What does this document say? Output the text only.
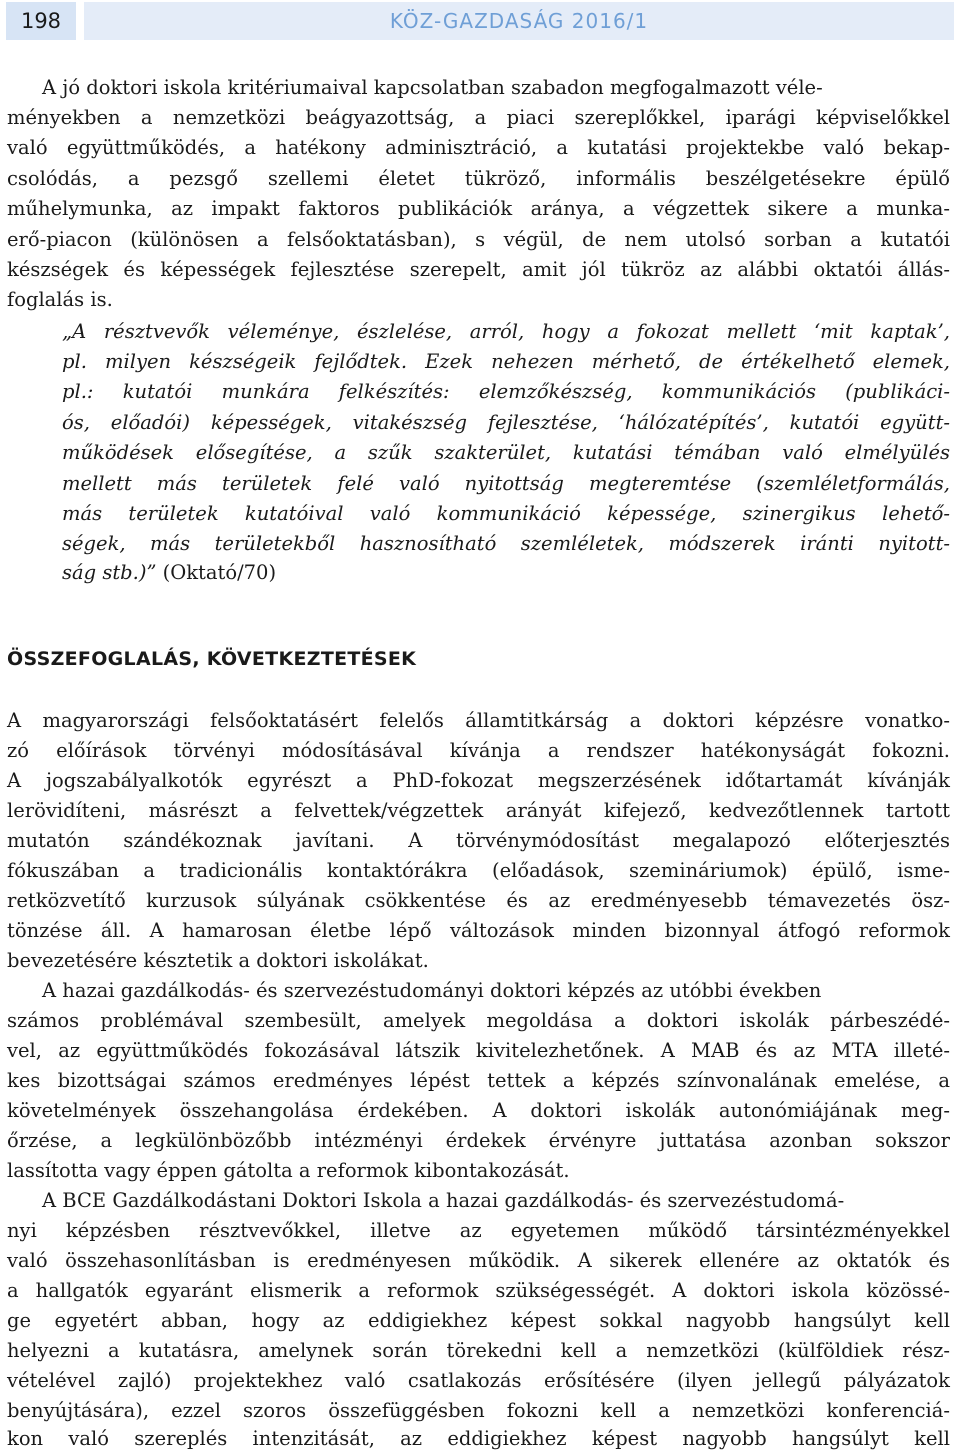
198	KÖZ-GAZDASÁG 2016/1
A jó doktori iskola kritériumaival kapcsolatban szabadon megfogalmazott véle-
ményekben a nemzetközi beágyazottság, a piaci szereplőkkel, iparági képviselőkkel
való együttműködés, a hatékony adminisztráció, a kutatási projektekbe való bekap-
csolódás, a pezsgő szellemi életet tükröző, informális beszélgetésekre épülő
műhelymunka, az impakt faktoros publikációk aránya, a végzettek sikere a munka-
erő-piacon (különösen a felsőoktatásban), s végül, de nem utolsó sorban a kutatói
készségek és képességek fejlesztése szerepelt, amit jól tükröz az alábbi oktatói állás-
foglalás is.
„A résztvevők véleménye, észlelése, arról, hogy a fokozat mellett ‘mit kaptak’,
pl. milyen készségeik fejlődtek. Ezek nehezen mérhető, de értékelhető elemek,
pl.: kutatói munkára felkészítés: elemzőkészség, kommunikációs (publikáci-
ós, előadói) képességek, vitakészség fejlesztése, ‘hálózatépítés’, kutatói együtt-
működések elősegítése, a szűk szakterület, kutatási témában való elmélyülés
mellett más területek felé való nyitottság megteremtése (szemléletformálás,
más területek kutatóival való kommunikáció képessége, szinergikus lehető-
ségek, más területekből hasznosítható szemléletek, módszerek iránti nyitott-
ság stb.)” (Oktató/70)
ÖSSZEFOGLALÁS, KÖVETKEZTETÉSEK
A magyarországi felsőoktatásért felelős államtitkárság a doktori képzésre vonatko-
zó előírások törvényi módosításával kívánja a rendszer hatékonyságát fokozni.
A jogszabályalkotók egyrészt a PhD-fokozat megszerzésének időtartamát kívánják
lerövidíteni, másrészt a felvettek/végzettek arányát kifejező, kedvezőtlennek tartott
mutatón szándékoznak javítani. A törvénymódosítást megalapozó előterjesztés
fókuszában a tradicionális kontaktórákra (előadások, szemináriumok) épülő, isme-
retközvetítő kurzusok súlyának csökkentése és az eredményesebb témavezetés ösz-
tönzése áll. A hamarosan életbe lépő változások minden bizonnyal átfogó reformok
bevezetésére késztetik a doktori iskolákat.
A hazai gazdálkodás- és szervezéstudományi doktori képzés az utóbbi években
számos problémával szembesült, amelyek megoldása a doktori iskolák párbeszédé-
vel, az együttműködés fokozásával látszik kivitelezhetőnek. A MAB és az MTA illeté-
kes bizottságai számos eredményes lépést tettek a képzés színvonalának emelése, a
követelmények összehangolása érdekében. A doktori iskolák autonómiájának meg-
őrzése, a legkülönbözőbb intézményi érdekek érvényre juttatása azonban sokszor
lassította vagy éppen gátolta a reformok kibontakozását.
A BCE Gazdálkodástani Doktori Iskola a hazai gazdálkodás- és szervezéstudomá-
nyi képzésben résztvevőkkel, illetve az egyetemen működő társintézményekkel
való összehasonlításban is eredményesen működik. A sikerek ellenére az oktatók és
a hallgatók egyaránt elismerik a reformok szükségességét. A doktori iskola közössé-
ge egyetért abban, hogy az eddigiekhez képest sokkal nagyobb hangsúlyt kell
helyezni a kutatásra, amelynek során törekedni kell a nemzetközi (külföldiek rész-
vételével zajló) projektekhez való csatlakozás erősítésére (ilyen jellegű pályázatok
benyújtására), ezzel szoros összefüggésben fokozni kell a nemzetközi konferenciá-
kon való szereplés intenzitását, az eddigiekhez képest nagyobb hangsúlyt kell
